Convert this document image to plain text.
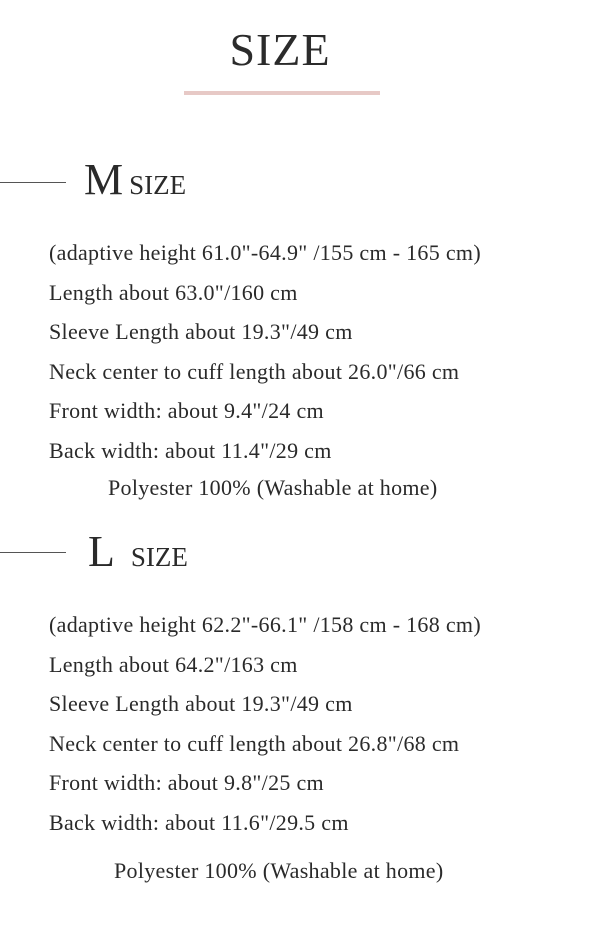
SIZE
M SIZE
(adaptive height 61.0"-64.9" /155 cm - 165 cm)
Length about 63.0"/160 cm
Sleeve Length about 19.3"/49 cm
Neck center to cuff length about 26.0"/66 cm
Front width: about 9.4"/24 cm
Back width: about 11.4"/29 cm
Polyester 100% (Washable at home)
L SIZE
(adaptive height 62.2"-66.1" /158 cm - 168 cm)
Length about 64.2"/163 cm
Sleeve Length about 19.3"/49 cm
Neck center to cuff length about 26.8"/68 cm
Front width: about 9.8"/25 cm
Back width: about 11.6"/29.5 cm
Polyester 100% (Washable at home)
